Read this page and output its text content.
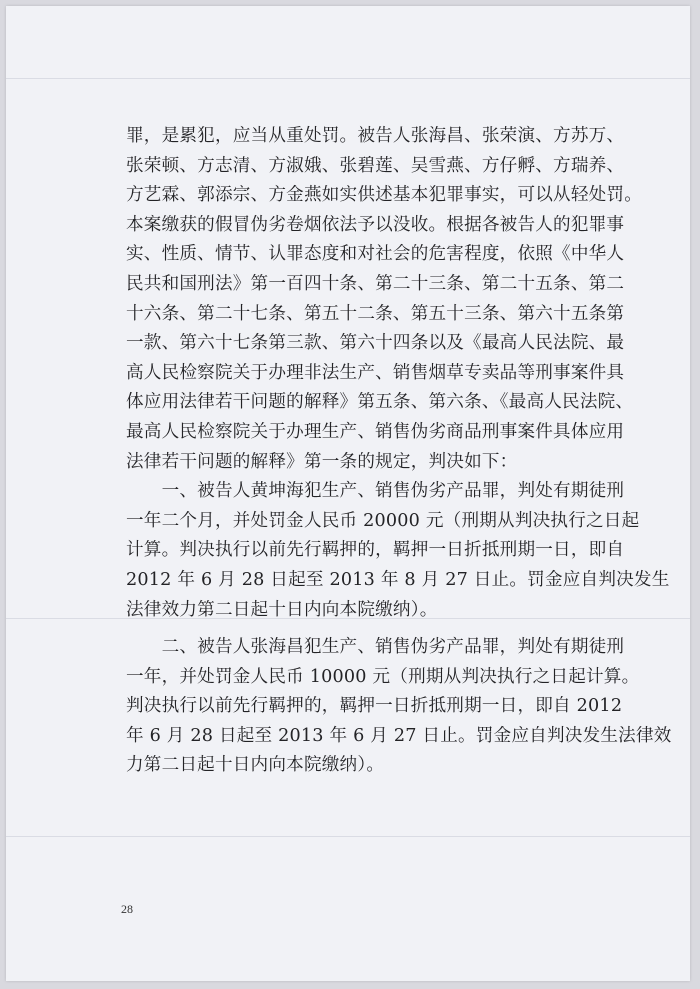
罪，是累犯，应当从重处罚。被告人张海昌、张荣演、方苏万、
张荣顿、方志清、方淑娥、张碧莲、吴雪燕、方仔孵、方瑞养、
方艺霖、郭添宗、方金燕如实供述基本犯罪事实，可以从轻处罚。
本案缴获的假冒伪劣卷烟依法予以没收。根据各被告人的犯罪事
实、性质、情节、认罪态度和对社会的危害程度，依照《中华人
民共和国刑法》第一百四十条、第二十三条、第二十五条、第二
十六条、第二十七条、第五十二条、第五十三条、第六十五条第
一款、第六十七条第三款、第六十四条以及《最高人民法院、最
高人民检察院关于办理非法生产、销售烟草专卖品等刑事案件具
体应用法律若干问题的解释》第五条、第六条、《最高人民法院、
最高人民检察院关于办理生产、销售伪劣商品刑事案件具体应用
法律若干问题的解释》第一条的规定，判决如下：
　　一、被告人黄坤海犯生产、销售伪劣产品罪，判处有期徒刑
一年二个月，并处罚金人民币 20000 元（刑期从判决执行之日起
计算。判决执行以前先行羁押的，羁押一日折抵刑期一日，即自
2012 年 6 月 28 日起至 2013 年 8 月 27 日止。罚金应自判决发生
法律效力第二日起十日内向本院缴纳）。
　　二、被告人张海昌犯生产、销售伪劣产品罪，判处有期徒刑
一年，并处罚金人民币 10000 元（刑期从判决执行之日起计算。
判决执行以前先行羁押的，羁押一日折抵刑期一日，即自 2012
年 6 月 28 日起至 2013 年 6 月 27 日止。罚金应自判决发生法律效
力第二日起十日内向本院缴纳）。
28
